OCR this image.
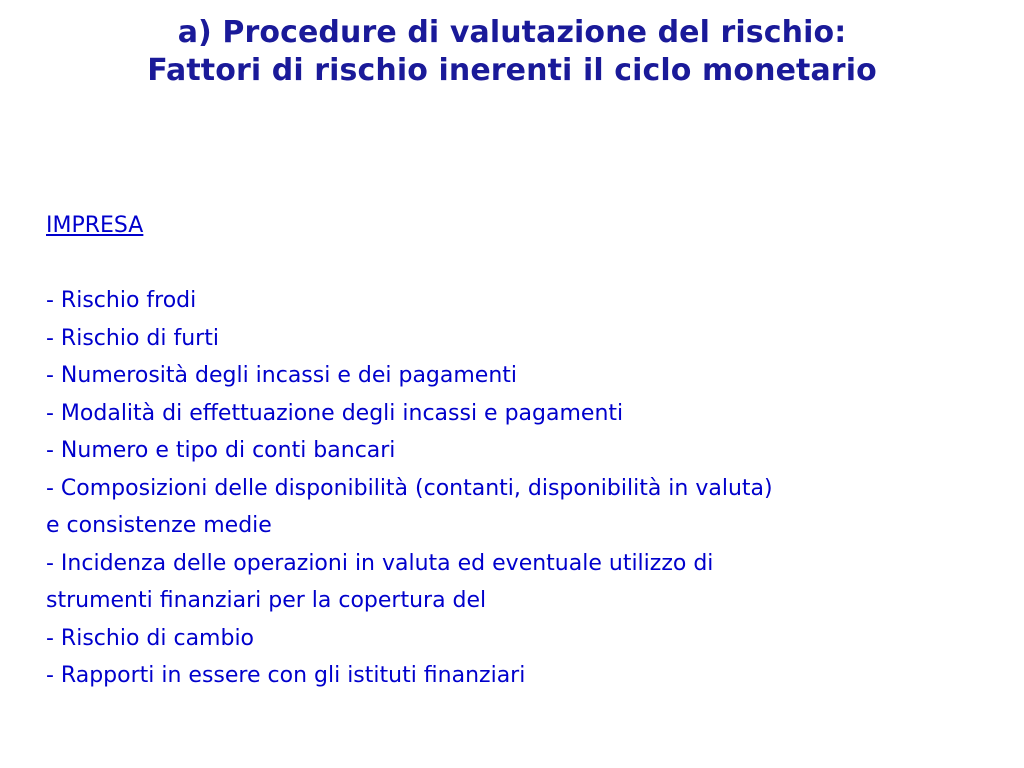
a) Procedure di valutazione del rischio:
Fattori di rischio inerenti il ciclo monetario
IMPRESA
- Rischio frodi
- Rischio di furti
- Numerosità degli incassi e dei pagamenti
- Modalità di effettuazione degli incassi e pagamenti
- Numero e tipo di conti bancari
- Composizioni delle disponibilità (contanti, disponibilità in valuta)
e consistenze medie
- Incidenza delle operazioni in valuta ed eventuale utilizzo di
strumenti finanziari per la copertura del
- Rischio di cambio
- Rapporti in essere con gli istituti finanziari
